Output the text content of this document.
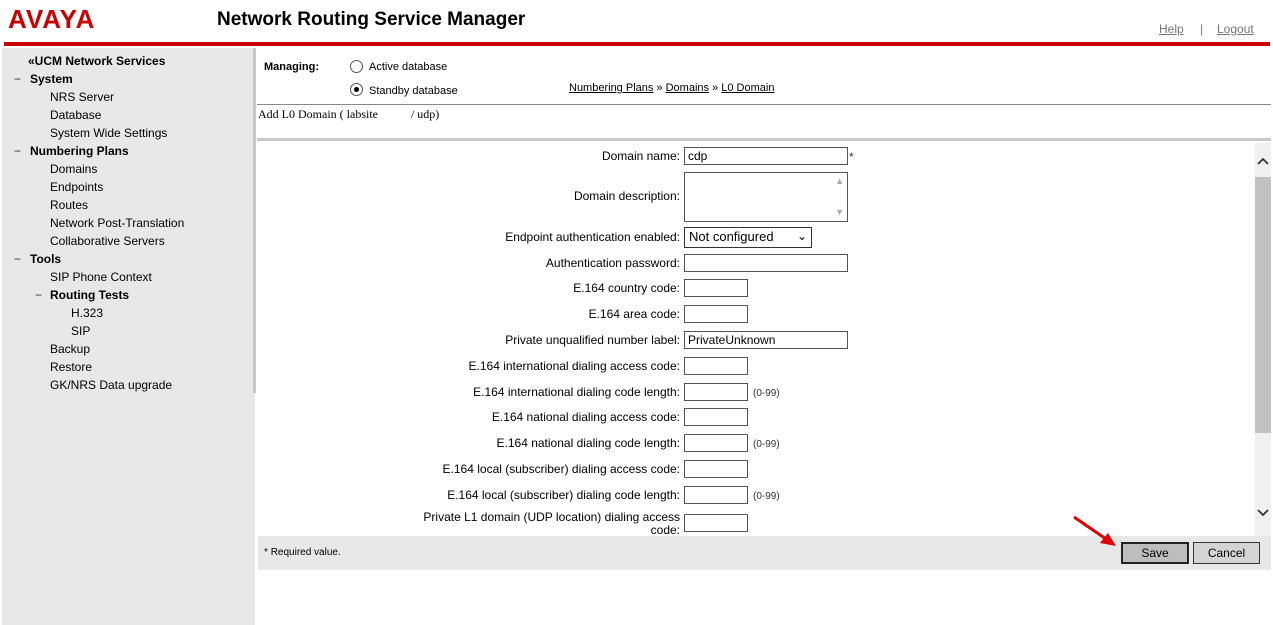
AVAYA	Network Routing Service Manager	Help | Logout
«UCM Network Services
− System
NRS Server
Database
System Wide Settings
− Numbering Plans
Domains
Endpoints
Routes
Network Post-Translation
Collaborative Servers
− Tools
SIP Phone Context
− Routing Tests
H.323
SIP
Backup
Restore
GK/NRS Data upgrade
Managing:	Active database
Standby database	Numbering Plans » Domains » L0 Domain
Add L0 Domain ( labsite           / udp)
Domain name: cdp	*
Domain description:
▲
▼
Endpoint authentication enabled: Not configured ⌄
Authentication password:
E.164 country code:
E.164 area code:
Private unqualified number label: PrivateUnknown
E.164 international dialing access code:
E.164 international dialing code length:	(0-99)
E.164 national dialing access code:
E.164 national dialing code length:	(0-99)
E.164 local (subscriber) dialing access code:
E.164 local (subscriber) dialing code length:	(0-99)
Private L1 domain (UDP location) dialing access
code:
* Required value.	Save	Cancel
